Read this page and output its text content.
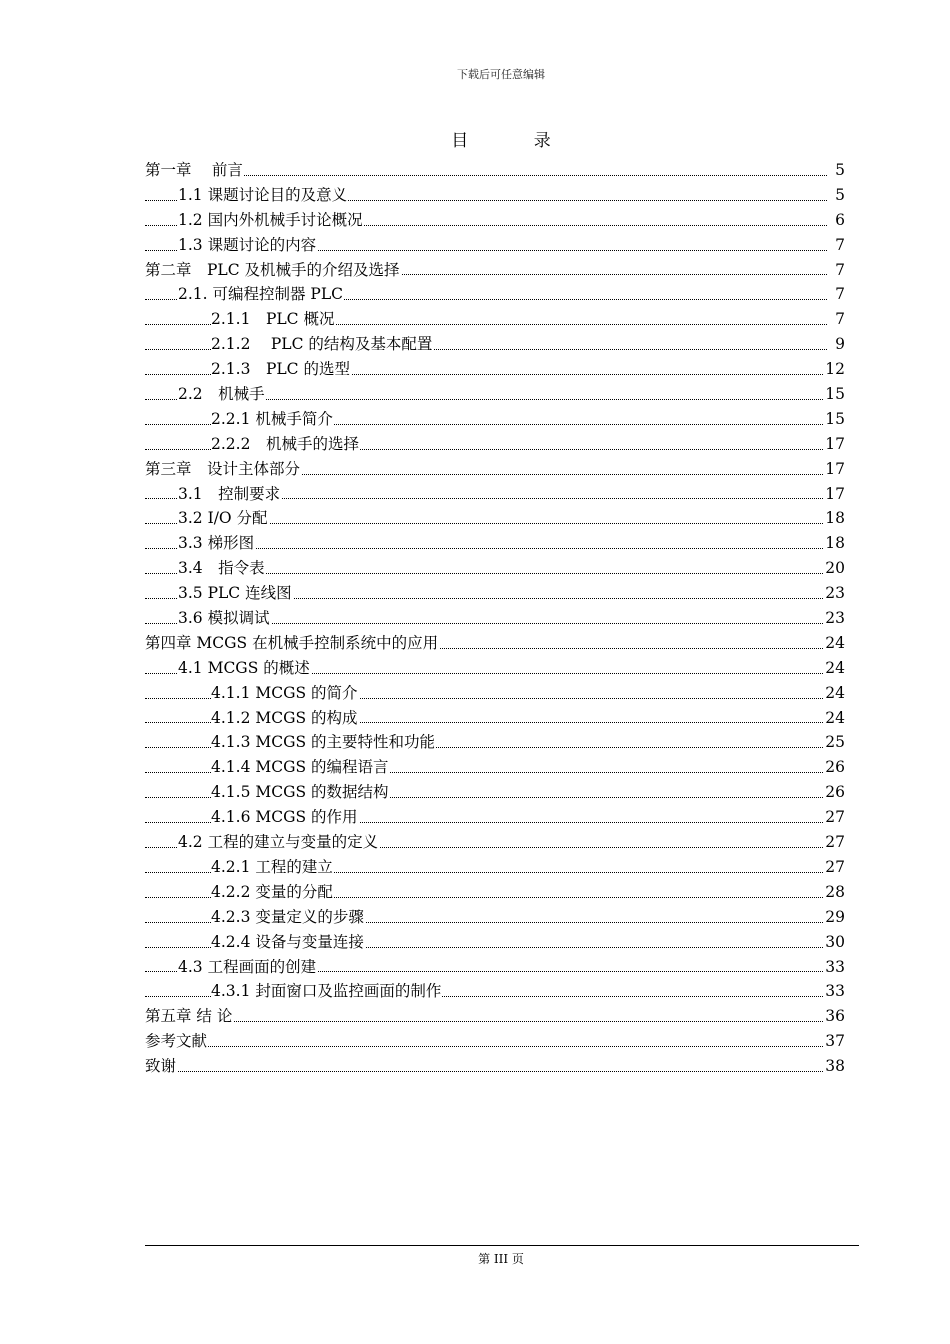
下载后可任意编辑
目 录
第一章　 前言	5
1.1 课题讨论目的及意义	5
1.2 国内外机械手讨论概况	6
1.3 课题讨论的内容	7
第二章　PLC 及机械手的介绍及选择	7
2.1. 可编程控制器 PLC	7
2.1.1　PLC 概况	7
2.1.2　 PLC 的结构及基本配置	9
2.1.3　PLC 的选型	12
2.2　机械手	15
2.2.1 机械手简介	15
2.2.2　机械手的选择	17
第三章　设计主体部分	17
3.1　控制要求	17
3.2 I/O 分配	18
3.3 梯形图	18
3.4　指令表	20
3.5 PLC 连线图	23
3.6 模拟调试	23
第四章 MCGS 在机械手控制系统中的应用	24
4.1 MCGS 的概述	24
4.1.1 MCGS 的简介	24
4.1.2 MCGS 的构成	24
4.1.3 MCGS 的主要特性和功能	25
4.1.4 MCGS 的编程语言	26
4.1.5 MCGS 的数据结构	26
4.1.6 MCGS 的作用	27
4.2 工程的建立与变量的定义	27
4.2.1 工程的建立	27
4.2.2 变量的分配	28
4.2.3 变量定义的步骤	29
4.2.4 设备与变量连接	30
4.3 工程画面的创建	33
4.3.1 封面窗口及监控画面的制作	33
第五章 结 论	36
参考文献	37
致谢	38
第 III 页
